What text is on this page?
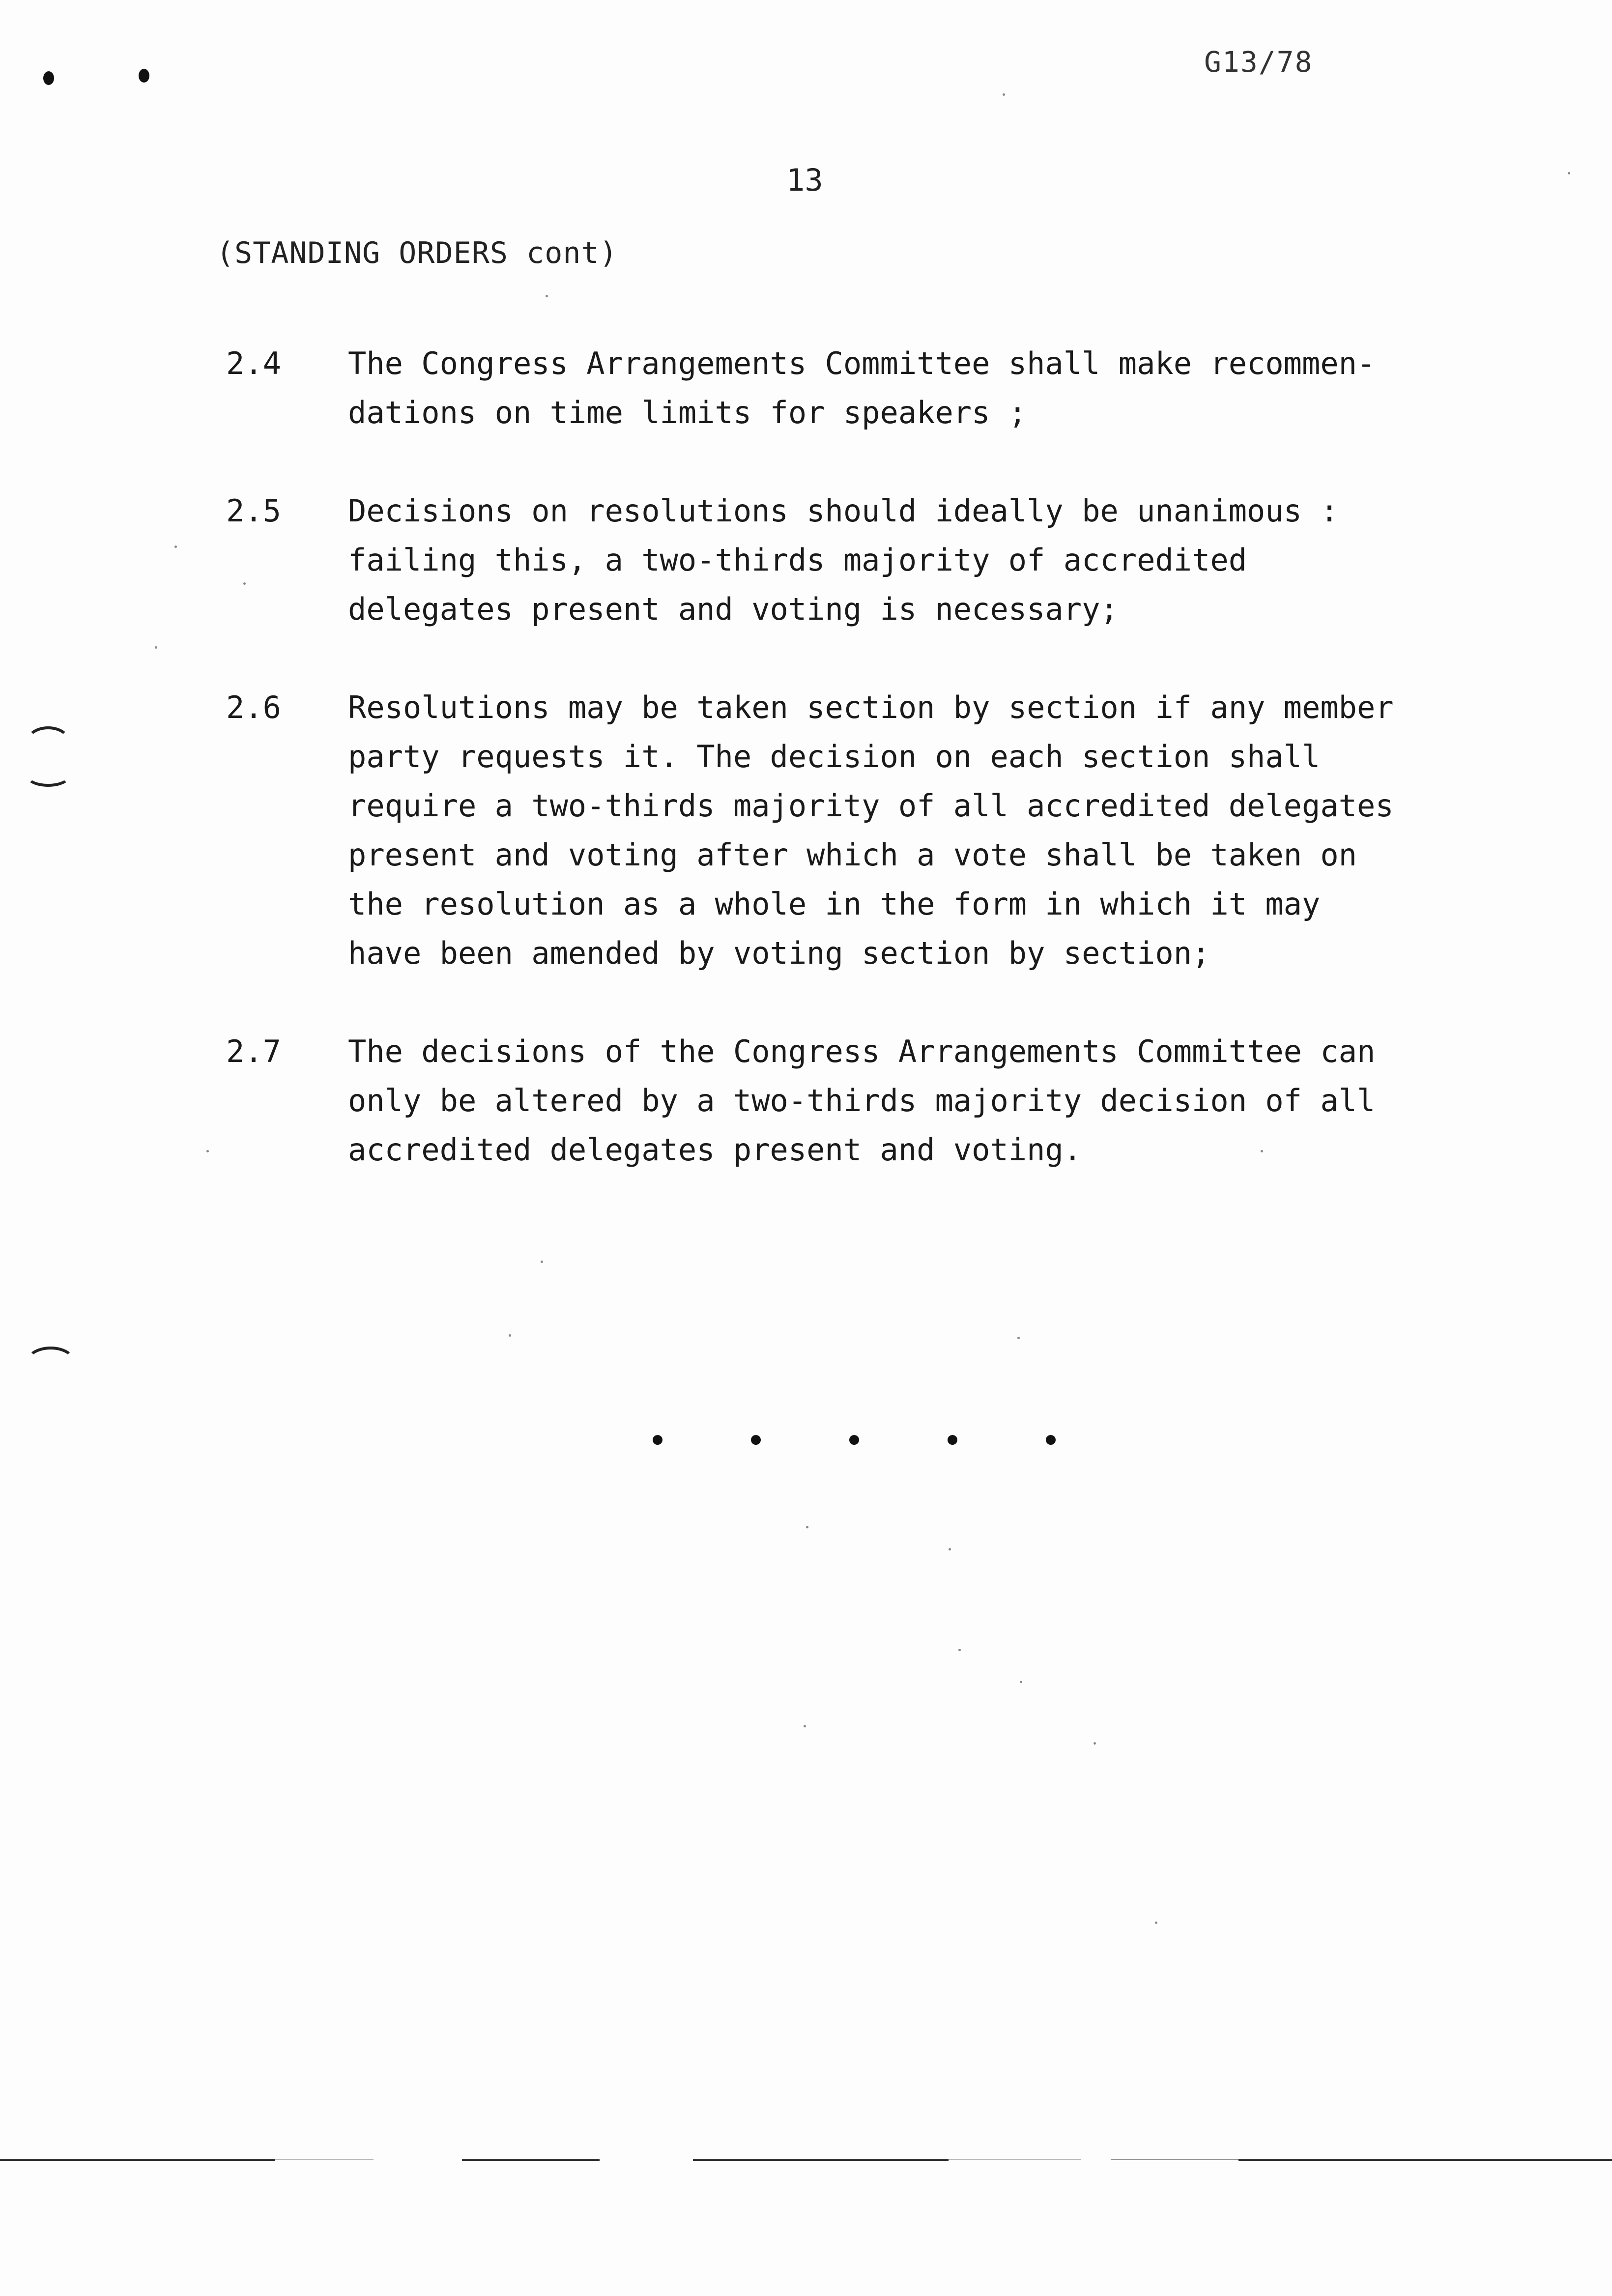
G13/78
13
(STANDING ORDERS cont)
2.4	The Congress Arrangements Committee shall make recommen-
dations on time limits for speakers ;
2.5	Decisions on resolutions should ideally be unanimous :
failing this, a two-thirds majority of accredited
delegates present and voting is necessary;
2.6	Resolutions may be taken section by section if any member
party requests it. The decision on each section shall
require a two-thirds majority of all accredited delegates
present and voting after which a vote shall be taken on
the resolution as a whole in the form in which it may
have been amended by voting section by section;
2.7	The decisions of the Congress Arrangements Committee can
only be altered by a two-thirds majority decision of all
accredited delegates present and voting.
